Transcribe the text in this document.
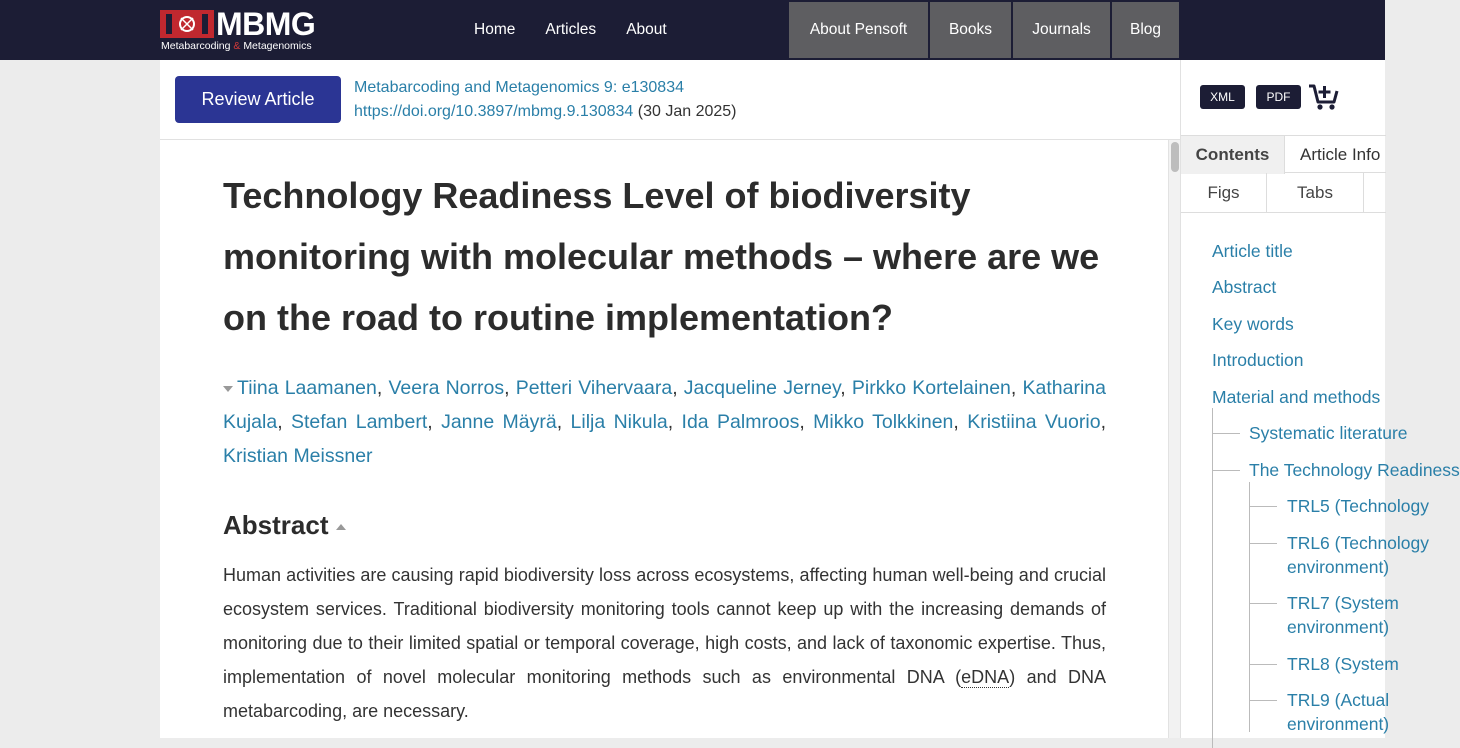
MBMG
Metabarcoding & Metagenomics
Home Articles About	About Pensoft	Books	Journals	Blog
Review Article
Metabarcoding and Metagenomics 9: e130834
https://doi.org/10.3897/mbmg.9.130834 (30 Jan 2025)
Technology Readiness Level of biodiversity monitoring with molecular methods – where are we on the road to routine implementation?
Tiina Laamanen, Veera Norros, Petteri Vihervaara, Jacqueline Jerney, Pirkko Kortelainen, Katharina Kujala, Stefan Lambert, Janne Mäyrä, Lilja Nikula, Ida Palmroos, Mikko Tolkkinen, Kristiina Vuorio, Kristian Meissner
Abstract

Human activities are causing rapid biodiversity loss across ecosystems, affecting human well-being and crucial ecosystem services. Traditional biodiversity monitoring tools cannot keep up with the increasing demands of monitoring due to their limited spatial or temporal coverage, high costs, and lack of taxonomic expertise. Thus, implementation of novel molecular monitoring methods such as environmental DNA (eDNA) and DNA metabarcoding, are necessary.

XML	PDF
Contents	Article Info
Figs	Tabs
Article title
Abstract
Key words
Introduction
Material and methods
Systematic literature
The Technology Readiness
TRL5 (Technology
TRL6 (Technology
environment)
TRL7 (System
environment)
TRL8 (System
TRL9 (Actual
environment)
